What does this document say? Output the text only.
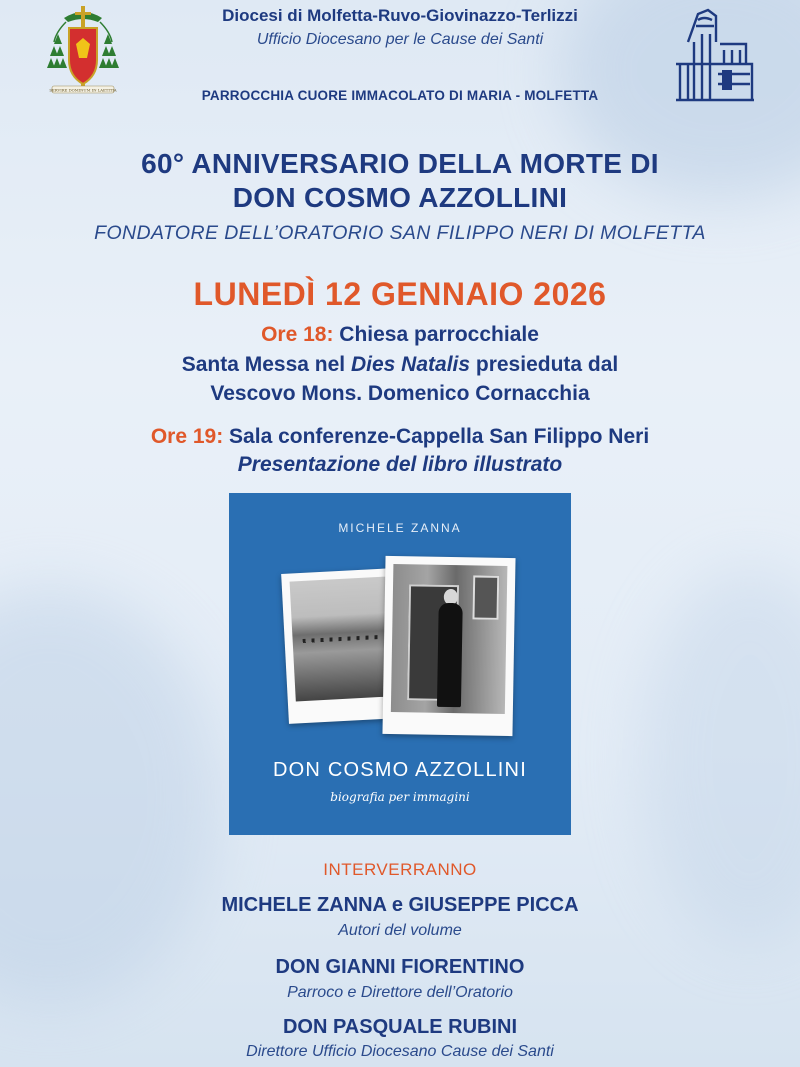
SERVIRE DOMINUM IN LAETITIA
Diocesi di Molfetta-Ruvo-Giovinazzo-Terlizzi
Ufficio Diocesano per le Cause dei Santi
PARROCCHIA CUORE IMMACOLATO DI MARIA - MOLFETTA
60° ANNIVERSARIO DELLA MORTE DI
DON COSMO AZZOLLINI
FONDATORE DELL’ORATORIO SAN FILIPPO NERI DI MOLFETTA
LUNEDÌ 12 GENNAIO 2026
Ore 18: Chiesa parrocchiale
Santa Messa nel Dies Natalis presieduta dal
Vescovo Mons. Domenico Cornacchia
Ore 19: Sala conferenze-Cappella San Filippo Neri
Presentazione del libro illustrato
MICHELE ZANNA
DON COSMO AZZOLLINI
biografia per immagini
INTERVERRANNO
MICHELE ZANNA e GIUSEPPE PICCA
Autori del volume
DON GIANNI FIORENTINO
Parroco e Direttore dell’Oratorio
DON PASQUALE RUBINI
Direttore Ufficio Diocesano Cause dei Santi
